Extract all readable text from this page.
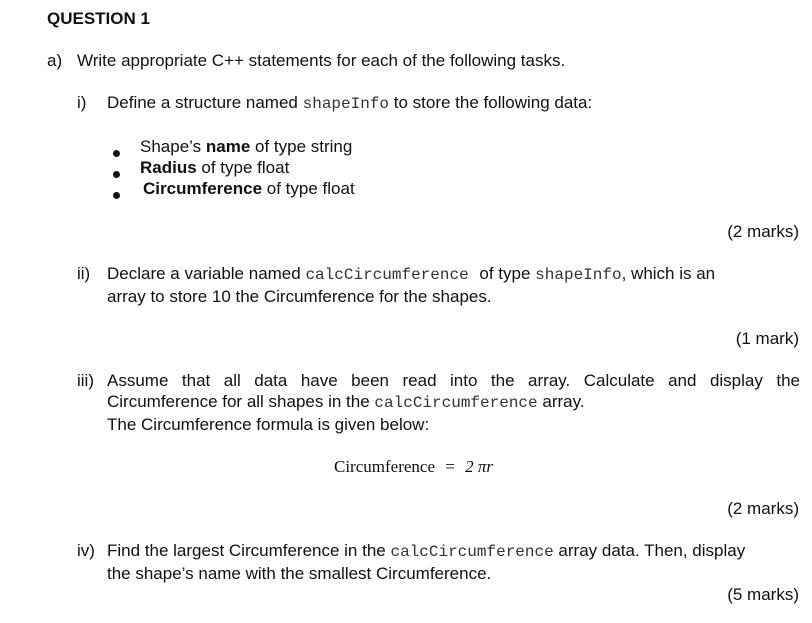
QUESTION 1
a) Write appropriate C++ statements for each of the following tasks.
i) Define a structure named shapeInfo to store the following data:
Shape’s name of type string
Radius of type float
Circumference of type float
(2 marks)
ii) Declare a variable named calcCircumference of type shapeInfo, which is an
array to store 10 the Circumference for the shapes.
(1 mark)
iii) Assume that all data have been read into the array. Calculate and display the
Circumference for all shapes in the calcCircumference array.
The Circumference formula is given below:
Circumference = 2 πr
(2 marks)
iv) Find the largest Circumference in the calcCircumference array data. Then, display
the shape’s name with the smallest Circumference.
(5 marks)
